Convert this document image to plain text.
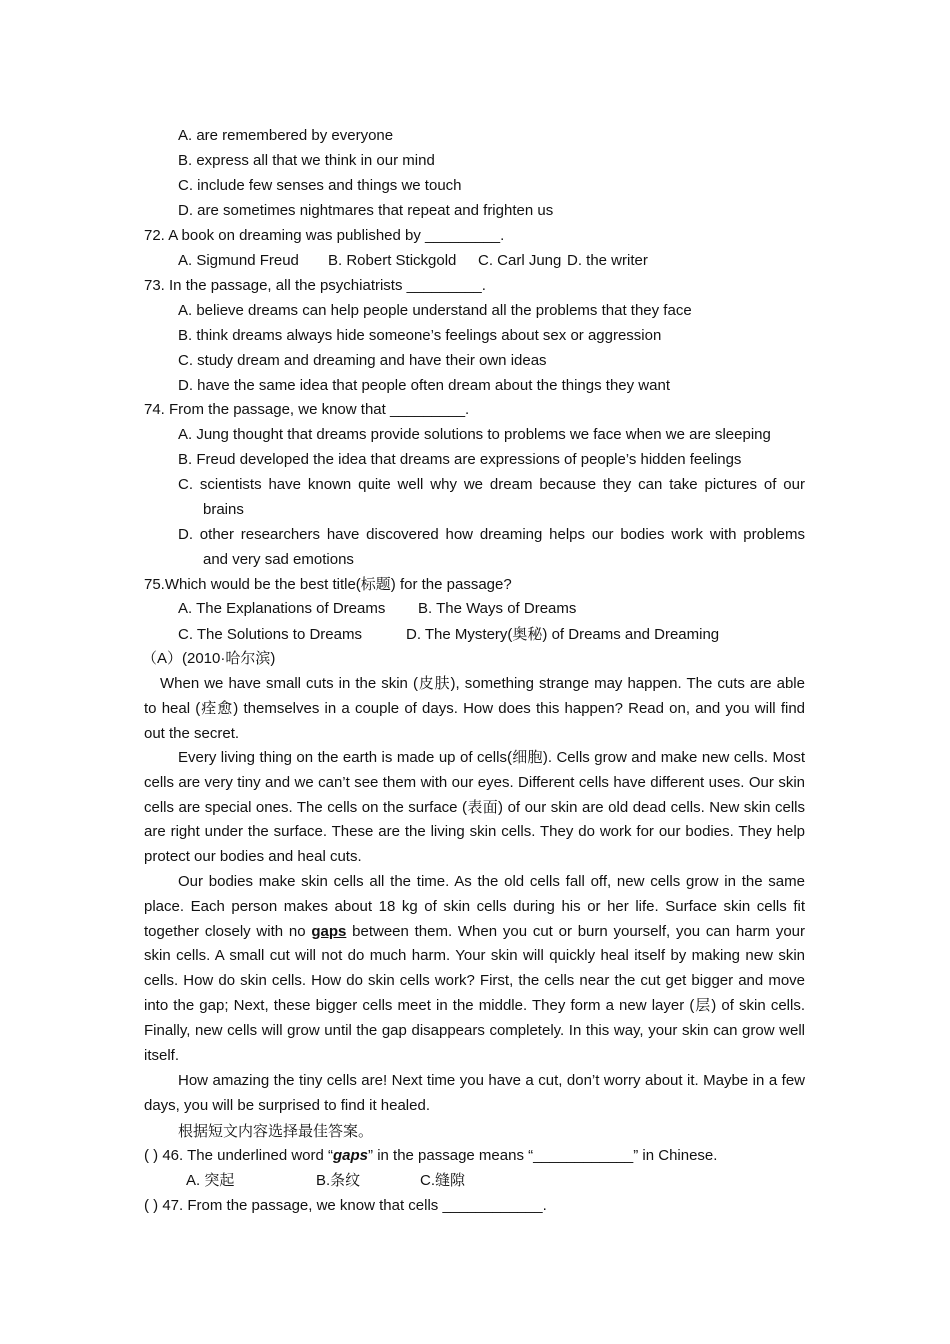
A. are remembered by everyone
B. express all that we think in our mind
C. include few senses and things we touch
D. are sometimes nightmares that repeat and frighten us
72. A book on dreaming was published by _________.
A. Sigmund Freud B. Robert Stickgold C. Carl Jung D. the writer
73. In the passage, all the psychiatrists _________.
A. believe dreams can help people understand all the problems that they face
B. think dreams always hide someone’s feelings about sex or aggression
C. study dream and dreaming and have their own ideas
D. have the same idea that people often dream about the things they want
74. From the passage, we know that _________.
A. Jung thought that dreams provide solutions to problems we face when we are sleeping
B. Freud developed the idea that dreams are expressions of people’s hidden feelings
C. scientists have known quite well why we dream because they can take pictures of our
brains
D. other researchers have discovered how dreaming helps our bodies work with problems
and very sad emotions
75.Which would be the best title(标题) for the passage?
A. The Explanations of Dreams B. The Ways of Dreams
C. The Solutions to Dreams	D. The Mystery(奥秘) of Dreams and Dreaming
（A）(2010·哈尔滨)
When we have small cuts in the skin (皮肤), something strange may happen. The cuts are able to heal (痊愈) themselves in a couple of days. How does this happen? Read on, and you will find out the secret.
Every living thing on the earth is made up of cells(细胞). Cells grow and make new cells. Most cells are very tiny and we can’t see them with our eyes. Different cells have different uses. Our skin cells are special ones. The cells on the surface (表面) of our skin are old dead cells. New skin cells are right under the surface. These are the living skin cells. They do work for our bodies. They help protect our bodies and heal cuts.
Our bodies make skin cells all the time. As the old cells fall off, new cells grow in the same place. Each person makes about 18 kg of skin cells during his or her life. Surface skin cells fit together closely with no gaps between them. When you cut or burn yourself, you can harm your skin cells. A small cut will not do much harm. Your skin will quickly heal itself by making new skin cells. How do skin cells. How do skin cells work? First, the cells near the cut get bigger and move into the gap; Next, these bigger cells meet in the middle. They form a new layer (层) of skin cells. Finally, new cells will grow until the gap disappears completely. In this way, your skin can grow well itself.
How amazing the tiny cells are! Next time you have a cut, don’t worry about it. Maybe in a few days, you will be surprised to find it healed.
根据短文内容选择最佳答案。
( ) 46. The underlined word “gaps” in the passage means “____________” in Chinese.
A. 突起	B.条纹	C.缝隙
( ) 47. From the passage, we know that cells ____________.
